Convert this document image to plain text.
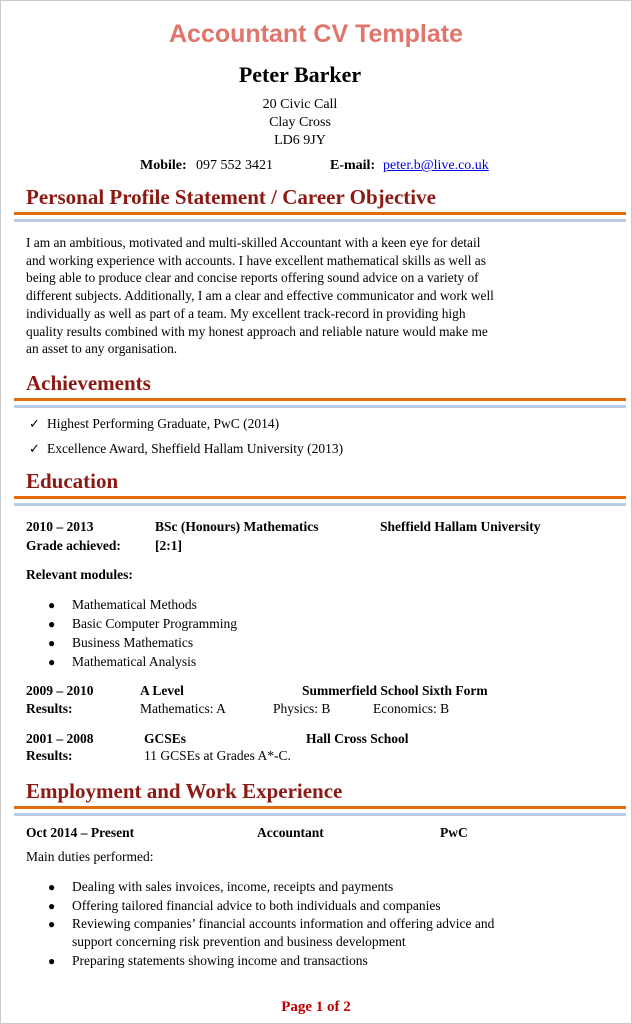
Accountant CV Template
Peter Barker
20 Civic Call
Clay Cross
LD6 9JY
Mobile: 097 552 3421	E-mail: peter.b@live.co.uk
Personal Profile Statement / Career Objective
I am an ambitious, motivated and multi-skilled Accountant with a keen eye for detail
and working experience with accounts. I have excellent mathematical skills as well as
being able to produce clear and concise reports offering sound advice on a variety of
different subjects. Additionally, I am a clear and effective communicator and work well
individually as well as part of a team. My excellent track-record in providing high
quality results combined with my honest approach and reliable nature would make me
an asset to any organisation.
Achievements
✓ Highest Performing Graduate, PwC (2014)
✓ Excellence Award, Sheffield Hallam University (2013)
Education
2010 – 2013	BSc (Honours) Mathematics	Sheffield Hallam University
Grade achieved:	[2:1]
Relevant modules:
● Mathematical Methods
● Basic Computer Programming
● Business Mathematics
● Mathematical Analysis
2009 – 2010	A Level	Summerfield School Sixth Form
Results:	Mathematics: A	Physics: B	Economics: B
2001 – 2008	GCSEs	Hall Cross School
Results:	11 GCSEs at Grades A*-C.
Employment and Work Experience
Oct 2014 – Present	Accountant	PwC
Main duties performed:
● Dealing with sales invoices, income, receipts and payments
● Offering tailored financial advice to both individuals and companies
● Reviewing companies’ financial accounts information and offering advice and
support concerning risk prevention and business development
● Preparing statements showing income and transactions
Page 1 of 2
